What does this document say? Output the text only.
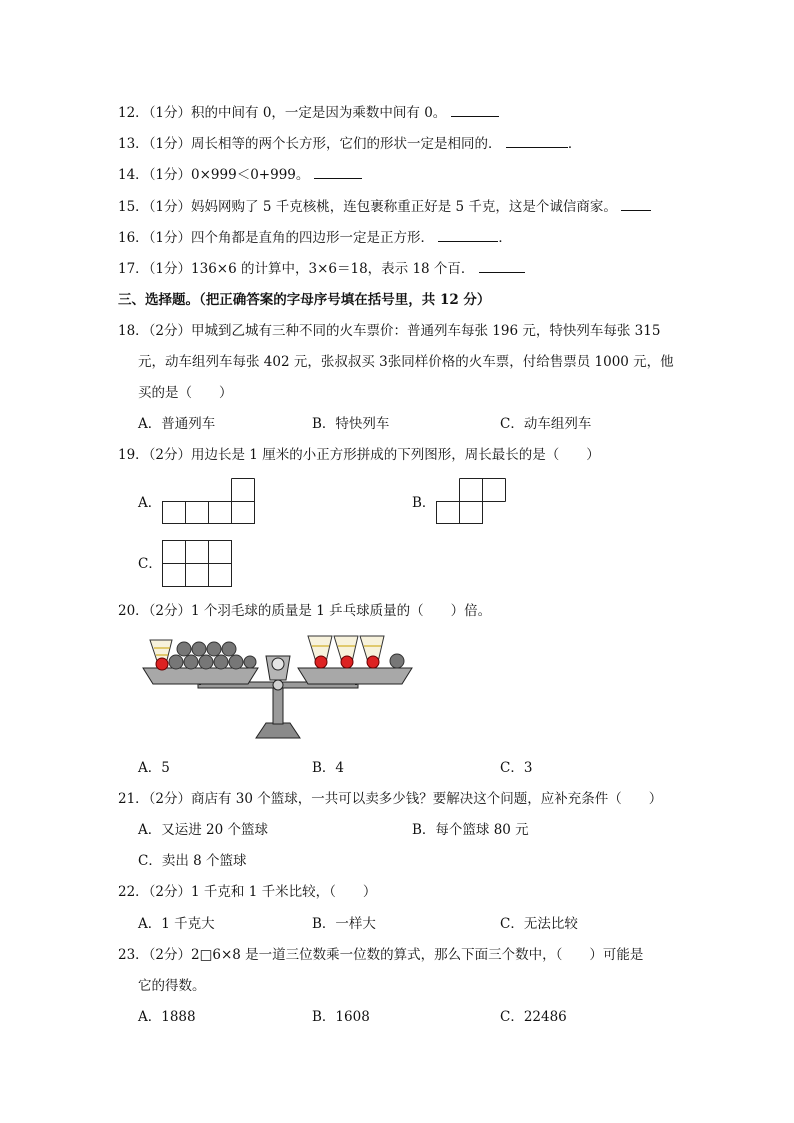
12．（1分）积的中间有 0，一定是因为乘数中间有 0。
13．（1分）周长相等的两个长方形，它们的形状一定是相同的．	．
14．（1分）0×999＜0+999。
15．（1分）妈妈网购了 5 千克核桃，连包裹称重正好是 5 千克，这是个诚信商家。
16．（1分）四个角都是直角的四边形一定是正方形．	．
17．（1分）136×6 的计算中，3×6＝18，表示 18 个百．
三、选择题。（把正确答案的字母序号填在括号里，共 12 分）
18．（2分）甲城到乙城有三种不同的火车票价：普通列车每张 196 元，特快列车每张 315
元，动车组列车每张 402 元，张叔叔买 3张同样价格的火车票，付给售票员 1000 元，他
买的是（　　）
A．普通列车	B．特快列车	C．动车组列车
19．（2分）用边长是 1 厘米的小正方形拼成的下列图形，周长最长的是（　　）
A．	B．
C．
20．（2分）1 个羽毛球的质量是 1 乒乓球质量的（　　）倍。
A．5	B．4	C．3
21．（2分）商店有 30 个篮球，一共可以卖多少钱？要解决这个问题，应补充条件（　　）
A．又运进 20 个篮球	B．每个篮球 80 元
C．卖出 8 个篮球
22．（2分）1 千克和 1 千米比较，（　　）
A．1 千克大	B．一样大	C．无法比较
23．（2分）2□6×8 是一道三位数乘一位数的算式，那么下面三个数中，（　　）可能是
它的得数。
A．1888	B．1608	C．22486
